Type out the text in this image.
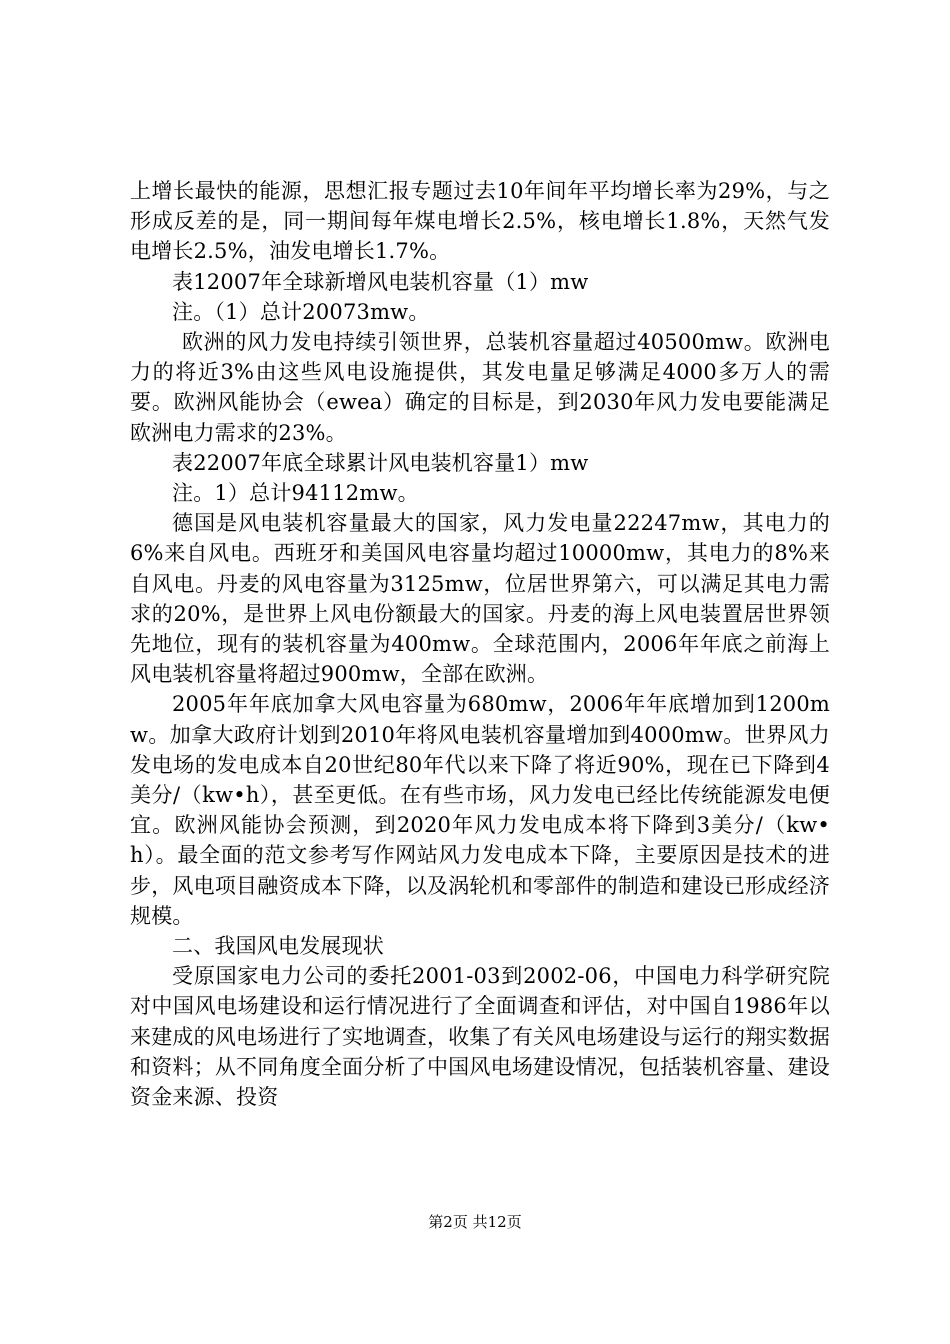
上增长最快的能源，思想汇报专题过去10年间年平均增长率为29%，与之形成反差的是，同一期间每年煤电增长2.5%，核电增长1.8%，天然气发电增长2.5%，油发电增长1.7%。

表12007年全球新增风电装机容量（1）mw

注。（1）总计20073mw。

欧洲的风力发电持续引领世界，总装机容量超过40500mw。欧洲电力的将近3%由这些风电设施提供，其发电量足够满足4000多万人的需要。欧洲风能协会（ewea）确定的目标是，到2030年风力发电要能满足欧洲电力需求的23%。

表22007年底全球累计风电装机容量1）mw

注。1）总计94112mw。

德国是风电装机容量最大的国家，风力发电量22247mw，其电力的6%来自风电。西班牙和美国风电容量均超过10000mw，其电力的8%来自风电。丹麦的风电容量为3125mw，位居世界第六，可以满足其电力需求的20%，是世界上风电份额最大的国家。丹麦的海上风电装置居世界领先地位，现有的装机容量为400mw。全球范围内，2006年年底之前海上风电装机容量将超过900mw，全部在欧洲。

2005年年底加拿大风电容量为680mw，2006年年底增加到1200mw。加拿大政府计划到2010年将风电装机容量增加到4000mw。世界风力发电场的发电成本自20世纪80年代以来下降了将近90%，现在已下降到4美分/（kw•h），甚至更低。在有些市场，风力发电已经比传统能源发电便宜。欧洲风能协会预测，到2020年风力发电成本将下降到3美分/（kw•h）。最全面的范文参考写作网站风力发电成本下降，主要原因是技术的进步，风电项目融资成本下降，以及涡轮机和零部件的制造和建设已形成经济规模。

二、我国风电发展现状

受原国家电力公司的委托2001-03到2002-06，中国电力科学研究院对中国风电场建设和运行情况进行了全面调查和评估，对中国自1986年以来建成的风电场进行了实地调查，收集了有关风电场建设与运行的翔实数据和资料；从不同角度全面分析了中国风电场建设情况，包括装机容量、建设资金来源、投资

第2页 共12页
